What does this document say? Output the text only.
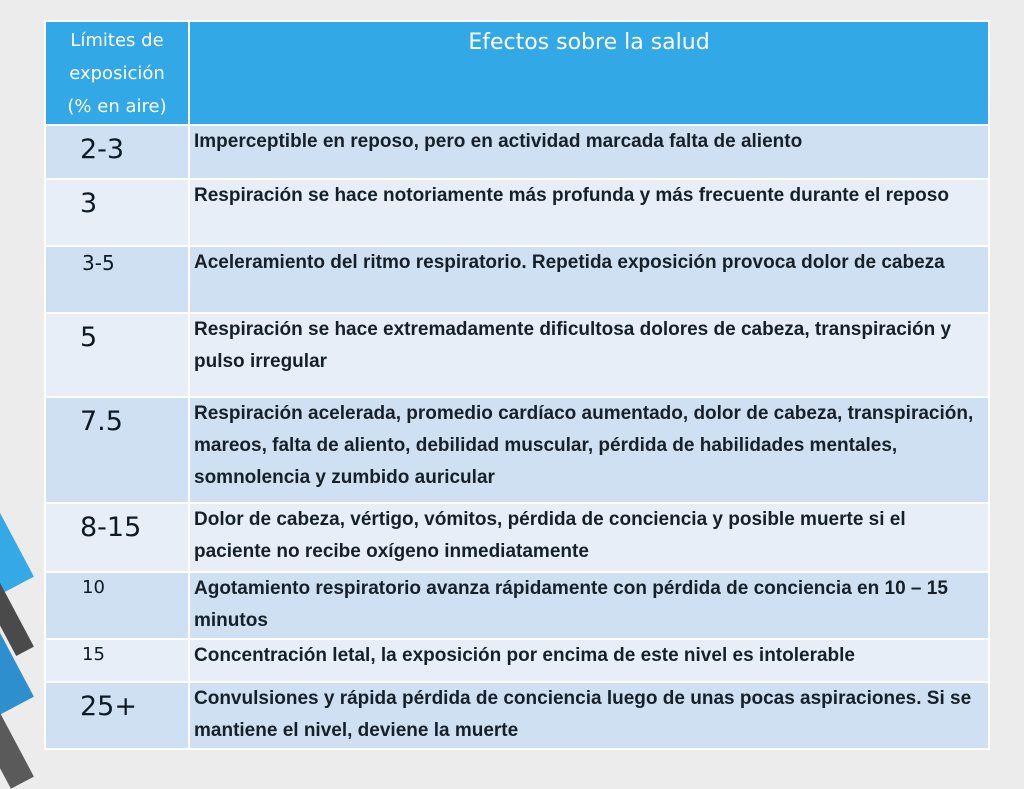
Límites de
exposición
(% en aire)	Efectos sobre la salud
2-3	Imperceptible en reposo, pero en actividad marcada falta de aliento
3	Respiración se hace notoriamente más profunda y más frecuente durante el reposo
3-5	Aceleramiento del ritmo respiratorio. Repetida exposición provoca dolor de cabeza
5	Respiración se hace extremadamente dificultosa dolores de cabeza, transpiración y pulso irregular
7.5	Respiración acelerada, promedio cardíaco aumentado, dolor de cabeza, transpiración, mareos, falta de aliento, debilidad muscular, pérdida de habilidades mentales, somnolencia y zumbido auricular
8-15	Dolor de cabeza, vértigo, vómitos, pérdida de conciencia y posible muerte si el paciente no recibe oxígeno inmediatamente
10	Agotamiento respiratorio avanza rápidamente con pérdida de conciencia en 10 – 15 minutos
15	Concentración letal, la exposición por encima de este nivel es intolerable
25+	Convulsiones y rápida pérdida de conciencia luego de unas pocas aspiraciones. Si se mantiene el nivel, deviene la muerte
